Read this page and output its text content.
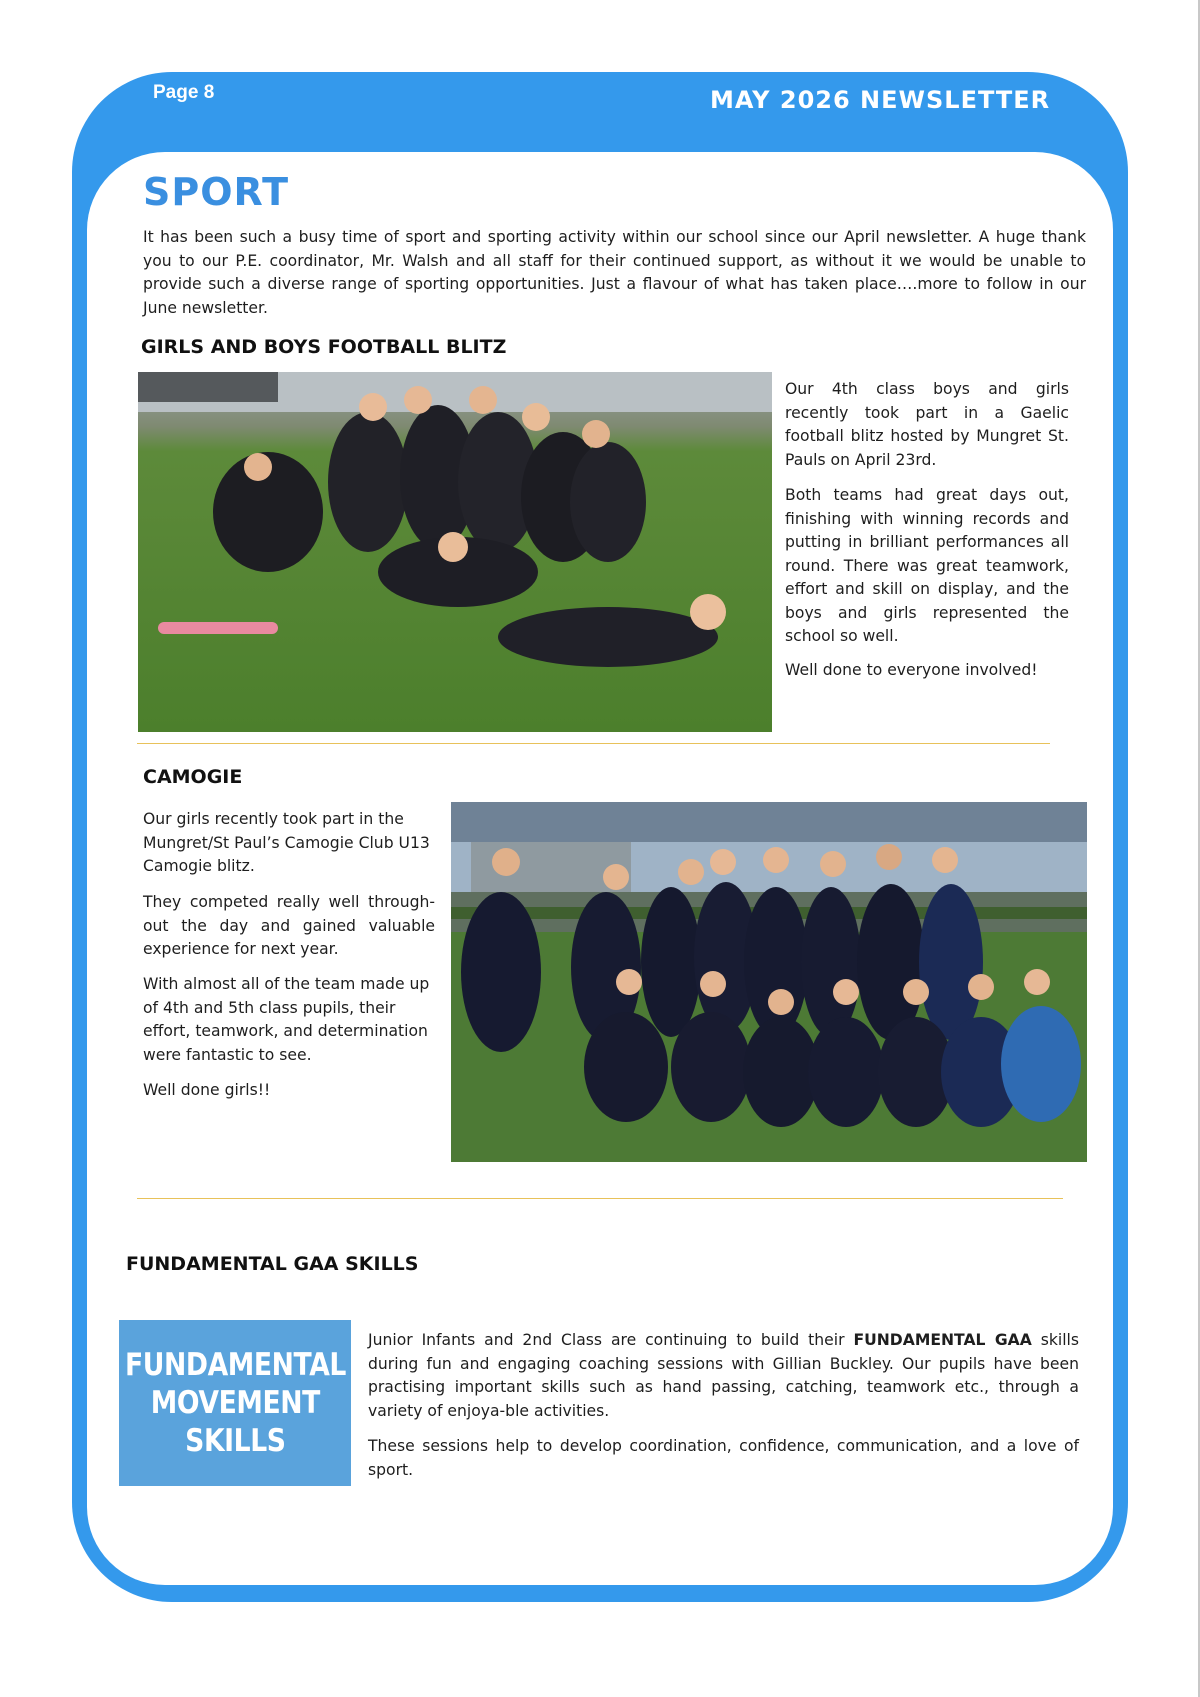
Page 8	MAY 2026 NEWSLETTER
SPORT

It has been such a busy time of sport and sporting activity within our school since our April newsletter. A huge thank you to our P.E. coordinator, Mr. Walsh and all staff for their continued support, as without it we would be unable to provide such a diverse range of sporting opportunities. Just a flavour of what has taken place….more to follow in our June newsletter.

GIRLS AND BOYS FOOTBALL BLITZ

Our 4th class boys and girls recently took part in a Gaelic football blitz hosted by Mungret St. Pauls on April 23rd.

Both teams had great days out, finishing with winning records and putting in brilliant performances all round. There was great teamwork, effort and skill on display, and the boys and girls represented the school so well.

Well done to everyone involved!

CAMOGIE

Our girls recently took part in the Mungret/St Paul’s Camogie Club U13 Camogie blitz.

They competed really well through-out the day and gained valuable experience for next year.

With almost all of the team made up of 4th and 5th class pupils, their effort, teamwork, and determination were fantastic to see.

Well done girls!!

FUNDAMENTAL GAA SKILLS
FUNDAMENTAL
MOVEMENT
SKILLS

Junior Infants and 2nd Class are continuing to build their FUNDAMENTAL GAA skills during fun and engaging coaching sessions with Gillian Buckley. Our pupils have been practising important skills such as hand passing, catching, teamwork etc., through a variety of enjoya-ble activities.

These sessions help to develop coordination, confidence, communication, and a love of sport.
